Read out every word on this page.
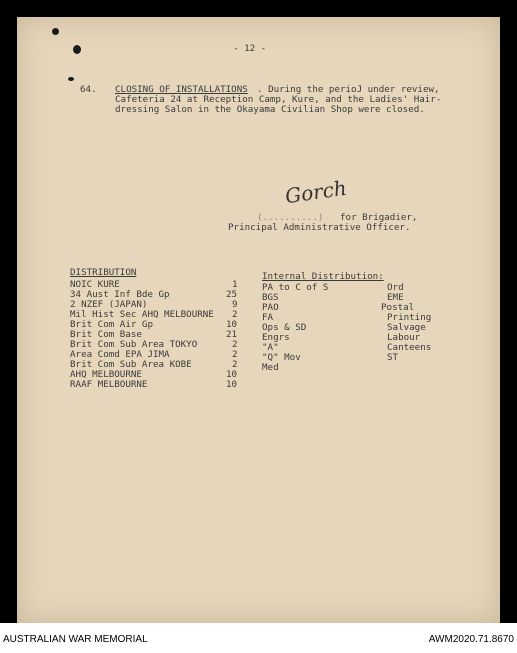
- 12 -
64. CLOSING OF INSTALLATIONS . During the perioJ under review,
Cafeteria 24 at Reception Camp, Kure, and the Ladies' Hair-
dressing Salon in the Okayama Civilian Shop were closed.
Gorch
(..........) for Brigadier,
Principal Administrative Officer.
DISTRIBUTION
NOIC KURE	1
34 Aust Inf Bde Gp	25
2 NZEF (JAPAN)	9
Mil Hist Sec AHQ MELBOURNE 2
Brit Com Air Gp	10
Brit Com Base	21
Brit Com Sub Area TOKYO	2
Area Comd EPA JIMA	2
Brit Com Sub Area KOBE	2
AHQ MELBOURNE	10
RAAF MELBOURNE	10
Internal Distribution:
PA to C of S
BGS
PAO
FA
Ops & SD
Engrs
"A"
"Q" Mov
Med
Ord
EME
Postal
Printing
Salvage
Labour
Canteens
ST
AUSTRALIAN WAR MEMORIAL	AWM2020.71.8670
